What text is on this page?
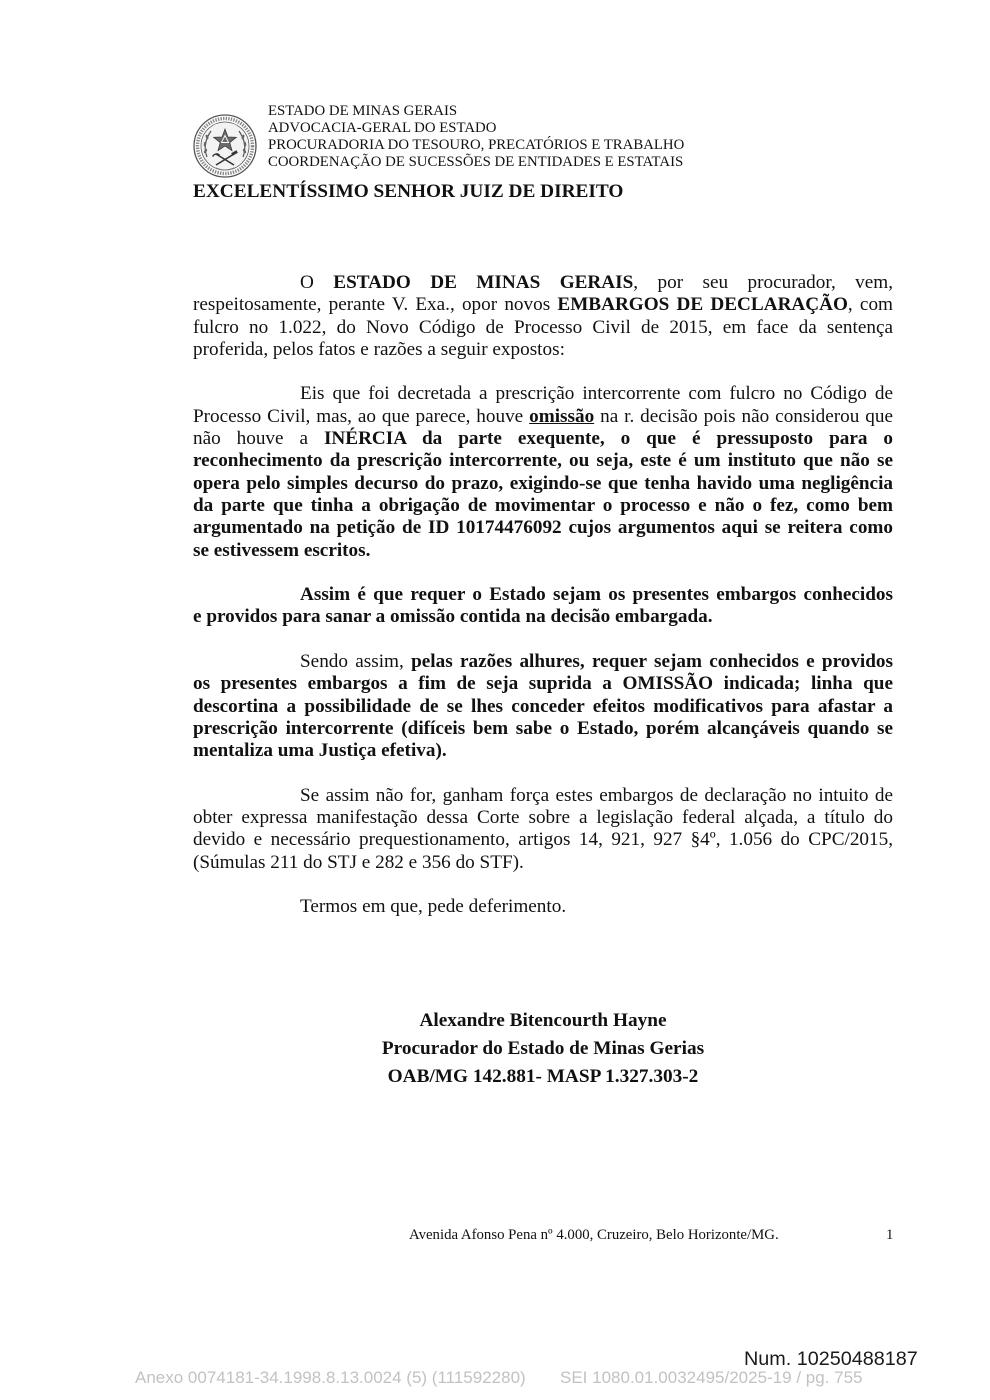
ESTADO DE MINAS GERAIS
ADVOCACIA-GERAL DO ESTADO
PROCURADORIA DO TESOURO, PRECATÓRIOS E TRABALHO
COORDENAÇÃO DE SUCESSÕES DE ENTIDADES E ESTATAIS
EXCELENTÍSSIMO SENHOR JUIZ DE DIREITO
O ESTADO DE MINAS GERAIS, por seu procurador, vem,
respeitosamente, perante V. Exa., opor novos EMBARGOS DE DECLARAÇÃO, com
fulcro no 1.022, do Novo Código de Processo Civil de 2015, em face da sentença
proferida, pelos fatos e razões a seguir expostos:
Eis que foi decretada a prescrição intercorrente com fulcro no Código de
Processo Civil, mas, ao que parece, houve omissão na r. decisão pois não considerou que
não houve a INÉRCIA da parte exequente, o que é pressuposto para o
reconhecimento da prescrição intercorrente, ou seja, este é um instituto que não se
opera pelo simples decurso do prazo, exigindo-se que tenha havido uma negligência
da parte que tinha a obrigação de movimentar o processo e não o fez, como bem
argumentado na petição de ID 10174476092 cujos argumentos aqui se reitera como
se estivessem escritos.
Assim é que requer o Estado sejam os presentes embargos conhecidos
e providos para sanar a omissão contida na decisão embargada.
Sendo assim, pelas razões alhures, requer sejam conhecidos e providos
os presentes embargos a fim de seja suprida a OMISSÃO indicada; linha que
descortina a possibilidade de se lhes conceder efeitos modificativos para afastar a
prescrição intercorrente (difíceis bem sabe o Estado, porém alcançáveis quando se
mentaliza uma Justiça efetiva).
Se assim não for, ganham força estes embargos de declaração no intuito de
obter expressa manifestação dessa Corte sobre a legislação federal alçada, a título do
devido e necessário prequestionamento, artigos 14, 921, 927 §4º, 1.056 do CPC/2015,
(Súmulas 211 do STJ e 282 e 356 do STF).
Termos em que, pede deferimento.
Alexandre Bitencourth Hayne
Procurador do Estado de Minas Gerias
OAB/MG 142.881- MASP 1.327.303-2
Avenida Afonso Pena nº 4.000, Cruzeiro, Belo Horizonte/MG.	1
Num. 10250488187
Anexo 0074181-34.1998.8.13.0024 (5) (111592280) SEI 1080.01.0032495/2025-19 / pg. 755
